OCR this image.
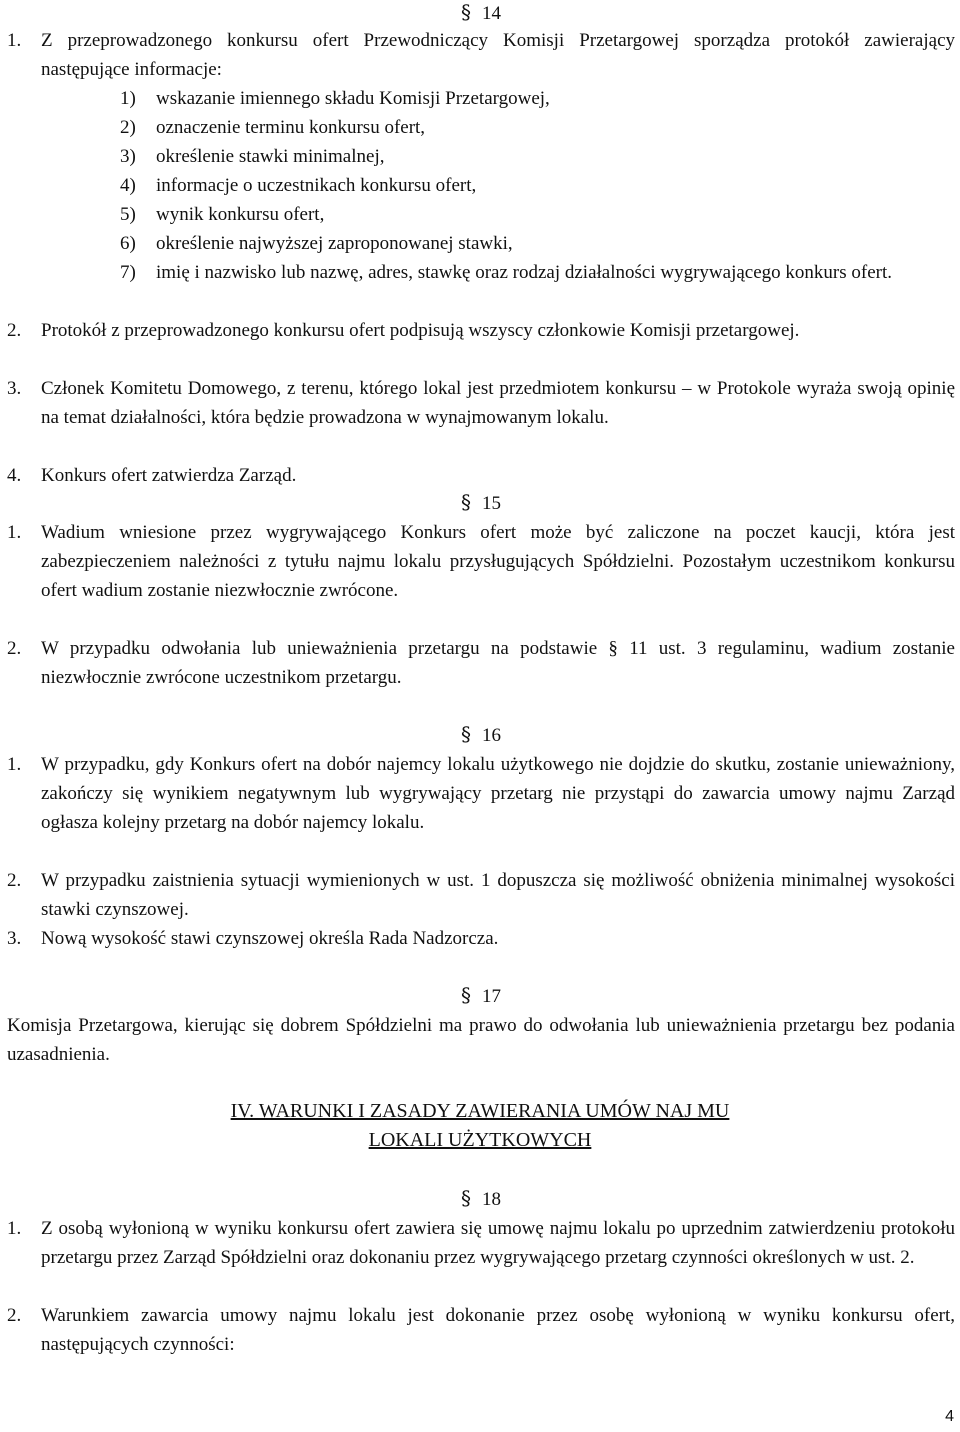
§ 14
1.	Z przeprowadzonego konkursu ofert Przewodniczący Komisji Przetargowej sporządza protokół zawierający następujące informacje:
1)	wskazanie imiennego składu Komisji Przetargowej,
2)	oznaczenie terminu konkursu ofert,
3)	określenie stawki minimalnej,
4)	informacje o uczestnikach konkursu ofert,
5)	wynik konkursu ofert,
6)	określenie najwyższej zaproponowanej stawki,
7)	imię i nazwisko lub nazwę, adres, stawkę oraz rodzaj działalności wygrywającego konkurs ofert.
2.	Protokół z przeprowadzonego konkursu ofert podpisują wszyscy członkowie Komisji przetargowej.
3.	Członek Komitetu Domowego, z terenu, którego lokal jest przedmiotem konkursu – w Protokole wyraża swoją opinię na temat działalności, która będzie prowadzona w wynajmowanym lokalu.
4.	Konkurs ofert zatwierdza Zarząd.
§ 15
1.	Wadium wniesione przez wygrywającego Konkurs ofert może być zaliczone na poczet kaucji, która jest zabezpieczeniem należności z tytułu najmu lokalu przysługujących Spółdzielni. Pozostałym uczestnikom konkursu ofert wadium zostanie niezwłocznie zwrócone.
2.	W przypadku odwołania lub unieważnienia przetargu na podstawie § 11 ust. 3 regulaminu, wadium zostanie niezwłocznie zwrócone uczestnikom przetargu.
§ 16
1.	W przypadku, gdy Konkurs ofert na dobór najemcy lokalu użytkowego nie dojdzie do skutku, zostanie unieważniony, zakończy się wynikiem negatywnym lub wygrywający przetarg nie przystąpi do zawarcia umowy najmu Zarząd ogłasza kolejny przetarg na dobór najemcy lokalu.
2.	W przypadku zaistnienia sytuacji wymienionych w ust. 1 dopuszcza się możliwość obniżenia minimalnej wysokości stawki czynszowej.
3.	Nową wysokość stawi czynszowej określa Rada Nadzorcza.
§ 17
Komisja Przetargowa, kierując się dobrem Spółdzielni ma prawo do odwołania lub unieważnienia przetargu bez podania uzasadnienia.
IV. WARUNKI I ZASADY ZAWIERANIA UMÓW NAJ MU
LOKALI UŻYTKOWYCH
§ 18
1.	Z osobą wyłonioną w wyniku konkursu ofert zawiera się umowę najmu lokalu po uprzednim zatwierdzeniu protokołu przetargu przez Zarząd Spółdzielni oraz dokonaniu przez wygrywającego przetarg czynności określonych w ust. 2.
2.	Warunkiem zawarcia umowy najmu lokalu jest dokonanie przez osobę wyłonioną w wyniku konkursu ofert, następujących czynności:
4
